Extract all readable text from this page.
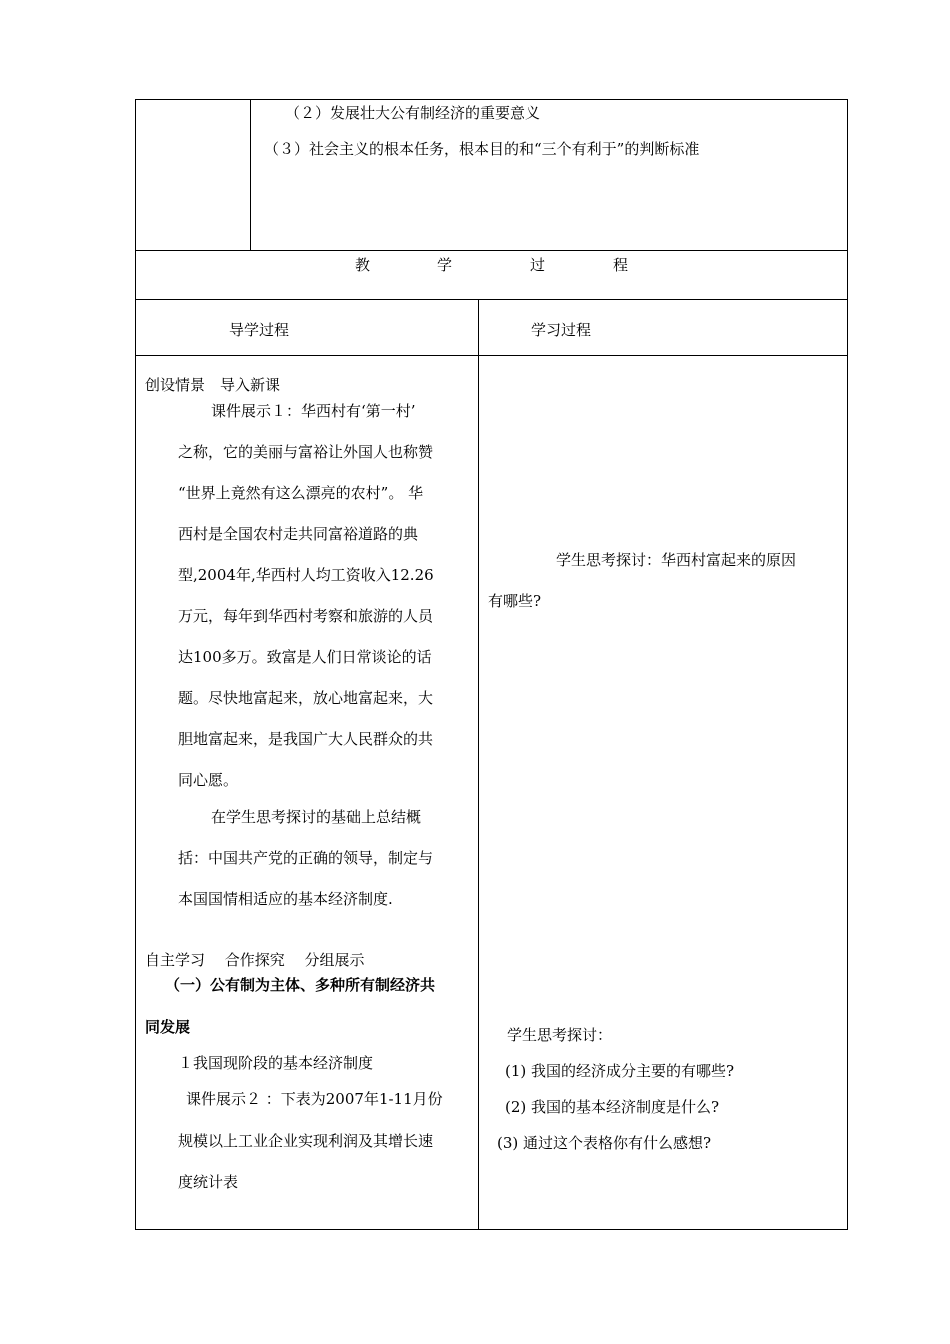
（２）发展壮大公有制经济的重要意义
（３）社会主义的根本任务，根本目的和“三个有利于”的判断标准
教	学	过	程
导学过程	学习过程
创设情景　导入新课
课件展示１：华西村有‘第一村’
之称，它的美丽与富裕让外国人也称赞
“世界上竟然有这么漂亮的农村”。 华
西村是全国农村走共同富裕道路的典
型,2004年,华西村人均工资收入12.26
万元，每年到华西村考察和旅游的人员
达100多万。致富是人们日常谈论的话
题。尽快地富起来，放心地富起来，大
胆地富起来，是我国广大人民群众的共
同心愿。
在学生思考探讨的基础上总结概
括：中国共产党的正确的领导，制定与
本国国情相适应的基本经济制度.
自主学习　 合作探究　 分组展示
（一）公有制为主体、多种所有制经济共
同发展
１我国现阶段的基本经济制度
课件展示２ ：下表为2007年1-11月份
规模以上工业企业实现利润及其增长速
度统计表
学生思考探讨：华西村富起来的原因
有哪些?
学生思考探讨：
(1) 我国的经济成分主要的有哪些?
(2) 我国的基本经济制度是什么?
(3) 通过这个表格你有什么感想?
